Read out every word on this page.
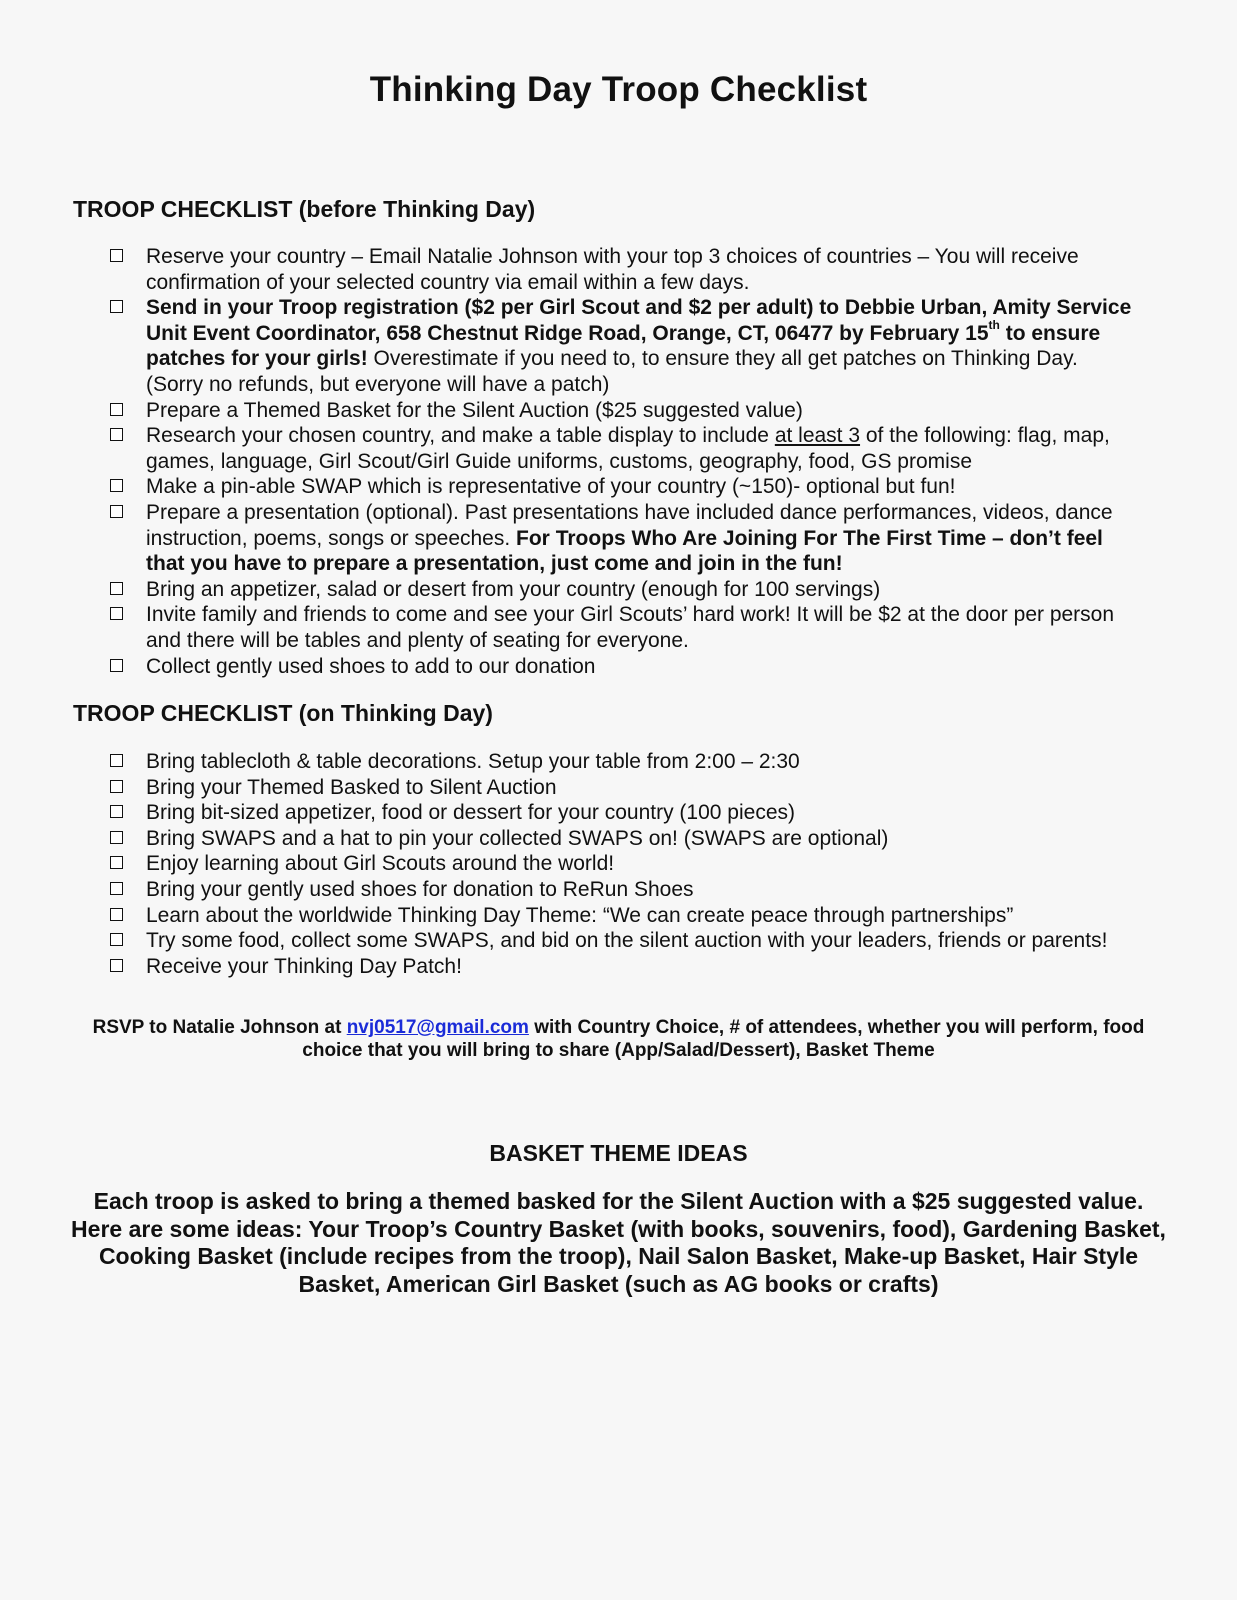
Thinking Day Troop Checklist
TROOP CHECKLIST (before Thinking Day)
Reserve your country – Email Natalie Johnson with your top 3 choices of countries – You will receive confirmation of your selected country via email within a few days.
Send in your Troop registration ($2 per Girl Scout and $2 per adult) to Debbie Urban, Amity Service Unit Event Coordinator, 658 Chestnut Ridge Road, Orange, CT, 06477 by February 15th to ensure patches for your girls! Overestimate if you need to, to ensure they all get patches on Thinking Day. (Sorry no refunds, but everyone will have a patch)
Prepare a Themed Basket for the Silent Auction ($25 suggested value)
Research your chosen country, and make a table display to include at least 3 of the following: flag, map, games, language, Girl Scout/Girl Guide uniforms, customs, geography, food, GS promise
Make a pin-able SWAP which is representative of your country (~150)- optional but fun!
Prepare a presentation (optional). Past presentations have included dance performances, videos, dance instruction, poems, songs or speeches. For Troops Who Are Joining For The First Time – don’t feel that you have to prepare a presentation, just come and join in the fun!
Bring an appetizer, salad or desert from your country (enough for 100 servings)
Invite family and friends to come and see your Girl Scouts’ hard work! It will be $2 at the door per person and there will be tables and plenty of seating for everyone.
Collect gently used shoes to add to our donation
TROOP CHECKLIST (on Thinking Day)
Bring tablecloth & table decorations. Setup your table from 2:00 – 2:30
Bring your Themed Basked to Silent Auction
Bring bit-sized appetizer, food or dessert for your country (100 pieces)
Bring SWAPS and a hat to pin your collected SWAPS on! (SWAPS are optional)
Enjoy learning about Girl Scouts around the world!
Bring your gently used shoes for donation to ReRun Shoes
Learn about the worldwide Thinking Day Theme: “We can create peace through partnerships”
Try some food, collect some SWAPS, and bid on the silent auction with your leaders, friends or parents!
Receive your Thinking Day Patch!

RSVP to Natalie Johnson at nvj0517@gmail.com with Country Choice, # of attendees, whether you will perform, food choice that you will bring to share (App/Salad/Dessert), Basket Theme

BASKET THEME IDEAS

Each troop is asked to bring a themed basked for the Silent Auction with a $25 suggested value. Here are some ideas: Your Troop’s Country Basket (with books, souvenirs, food), Gardening Basket, Cooking Basket (include recipes from the troop), Nail Salon Basket, Make-up Basket, Hair Style Basket, American Girl Basket (such as AG books or crafts)
